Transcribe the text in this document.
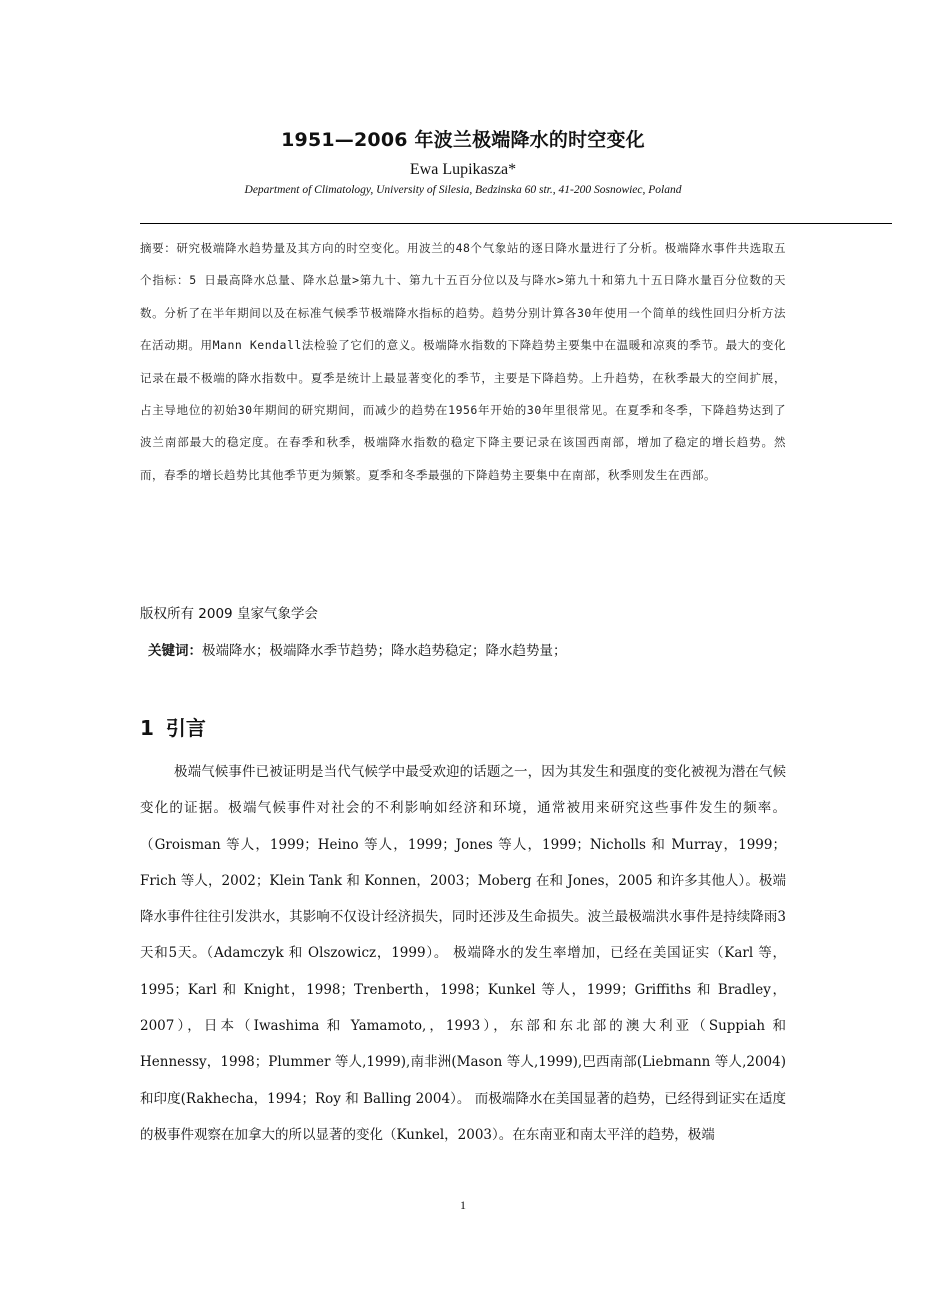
1951—2006 年波兰极端降水的时空变化
Ewa Lupikasza*
Department of Climatology, University of Silesia, Bedzinska 60 str., 41-200 Sosnowiec, Poland
摘要：研究极端降水趋势量及其方向的时空变化。用波兰的48个气象站的逐日降水量进行了分析。极端降水事件共选取五个指标：5 日最高降水总量、降水总量>第九十、第九十五百分位以及与降水>第九十和第九十五日降水量百分位数的天数。分析了在半年期间以及在标准气候季节极端降水指标的趋势。趋势分别计算各30年使用一个简单的线性回归分析方法在活动期。用Mann Kendall法检验了它们的意义。极端降水指数的下降趋势主要集中在温暖和凉爽的季节。最大的变化记录在最不极端的降水指数中。夏季是统计上最显著变化的季节，主要是下降趋势。上升趋势，在秋季最大的空间扩展，占主导地位的初始30年期间的研究期间，而减少的趋势在1956年开始的30年里很常见。在夏季和冬季，下降趋势达到了波兰南部最大的稳定度。在春季和秋季，极端降水指数的稳定下降主要记录在该国西南部，增加了稳定的增长趋势。然而，春季的增长趋势比其他季节更为频繁。夏季和冬季最强的下降趋势主要集中在南部，秋季则发生在西部。
版权所有 2009 皇家气象学会
关键词：极端降水；极端降水季节趋势；降水趋势稳定；降水趋势量；
1 引言
极端气候事件已被证明是当代气候学中最受欢迎的话题之一，因为其发生和强度的变化被视为潜在气候变化的证据。极端气候事件对社会的不利影响如经济和环境，通常被用来研究这些事件发生的频率。（Groisman 等人，1999；Heino 等人，1999；Jones 等人，1999；Nicholls 和 Murray，1999；Frich 等人，2002；Klein Tank 和 Konnen，2003；Moberg 在和 Jones，2005 和许多其他人）。极端降水事件往往引发洪水，其影响不仅设计经济损失，同时还涉及生命损失。波兰最极端洪水事件是持续降雨3天和5天。（Adamczyk 和 Olszowicz，1999）。 极端降水的发生率增加，已经在美国证实（Karl 等，1995；Karl 和 Knight，1998；Trenberth，1998；Kunkel 等人，1999；Griffiths 和 Bradley，2007），日本（Iwashima 和 Yamamoto,，1993），东部和东北部的澳大利亚（Suppiah 和 Hennessy，1998；Plummer 等人,1999),南非洲(Mason 等人,1999),巴西南部(Liebmann 等人,2004)和印度(Rakhecha，1994；Roy 和 Balling 2004）。 而极端降水在美国显著的趋势，已经得到证实在适度的极事件观察在加拿大的所以显著的变化（Kunkel，2003）。在东南亚和南太平洋的趋势，极端
1
